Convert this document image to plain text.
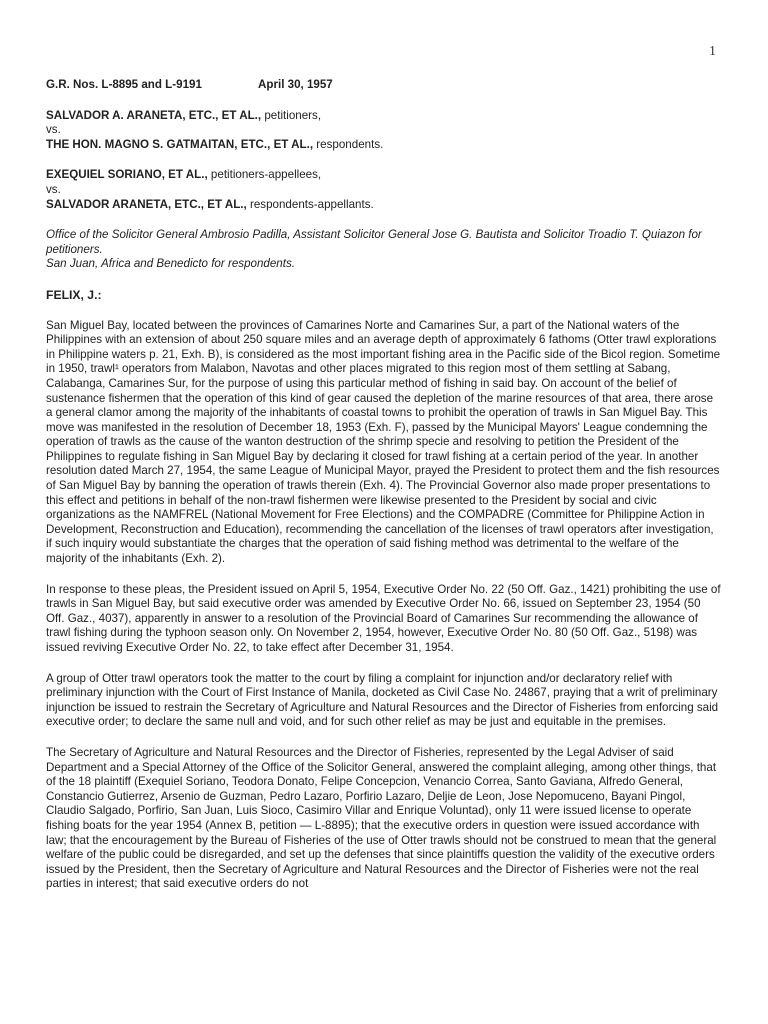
1
G.R. Nos. L-8895 and L-9191	April 30, 1957
SALVADOR A. ARANETA, ETC., ET AL., petitioners,
vs.
THE HON. MAGNO S. GATMAITAN, ETC., ET AL., respondents.
EXEQUIEL SORIANO, ET AL., petitioners-appellees,
vs.
SALVADOR ARANETA, ETC., ET AL., respondents-appellants.
Office of the Solicitor General Ambrosio Padilla, Assistant Solicitor General Jose G. Bautista and Solicitor Troadio T. Quiazon for petitioners.
San Juan, Africa and Benedicto for respondents.
FELIX, J.:

San Miguel Bay, located between the provinces of Camarines Norte and Camarines Sur, a part of the National waters of the Philippines with an extension of about 250 square miles and an average depth of approximately 6 fathoms (Otter trawl explorations in Philippine waters p. 21, Exh. B), is considered as the most important fishing area in the Pacific side of the Bicol region. Sometime in 1950, trawl¹ operators from Malabon, Navotas and other places migrated to this region most of them settling at Sabang, Calabanga, Camarines Sur, for the purpose of using this particular method of fishing in said bay. On account of the belief of sustenance fishermen that the operation of this kind of gear caused the depletion of the marine resources of that area, there arose a general clamor among the majority of the inhabitants of coastal towns to prohibit the operation of trawls in San Miguel Bay. This move was manifested in the resolution of December 18, 1953 (Exh. F), passed by the Municipal Mayors' League condemning the operation of trawls as the cause of the wanton destruction of the shrimp specie and resolving to petition the President of the Philippines to regulate fishing in San Miguel Bay by declaring it closed for trawl fishing at a certain period of the year. In another resolution dated March 27, 1954, the same League of Municipal Mayor, prayed the President to protect them and the fish resources of San Miguel Bay by banning the operation of trawls therein (Exh. 4). The Provincial Governor also made proper presentations to this effect and petitions in behalf of the non-trawl fishermen were likewise presented to the President by social and civic organizations as the NAMFREL (National Movement for Free Elections) and the COMPADRE (Committee for Philippine Action in Development, Reconstruction and Education), recommending the cancellation of the licenses of trawl operators after investigation, if such inquiry would substantiate the charges that the operation of said fishing method was detrimental to the welfare of the majority of the inhabitants (Exh. 2).

In response to these pleas, the President issued on April 5, 1954, Executive Order No. 22 (50 Off. Gaz., 1421) prohibiting the use of trawls in San Miguel Bay, but said executive order was amended by Executive Order No. 66, issued on September 23, 1954 (50 Off. Gaz., 4037), apparently in answer to a resolution of the Provincial Board of Camarines Sur recommending the allowance of trawl fishing during the typhoon season only. On November 2, 1954, however, Executive Order No. 80 (50 Off. Gaz., 5198) was issued reviving Executive Order No. 22, to take effect after December 31, 1954.

A group of Otter trawl operators took the matter to the court by filing a complaint for injunction and/or declaratory relief with preliminary injunction with the Court of First Instance of Manila, docketed as Civil Case No. 24867, praying that a writ of preliminary injunction be issued to restrain the Secretary of Agriculture and Natural Resources and the Director of Fisheries from enforcing said executive order; to declare the same null and void, and for such other relief as may be just and equitable in the premises.

The Secretary of Agriculture and Natural Resources and the Director of Fisheries, represented by the Legal Adviser of said Department and a Special Attorney of the Office of the Solicitor General, answered the complaint alleging, among other things, that of the 18 plaintiff (Exequiel Soriano, Teodora Donato, Felipe Concepcion, Venancio Correa, Santo Gaviana, Alfredo General, Constancio Gutierrez, Arsenio de Guzman, Pedro Lazaro, Porfirio Lazaro, Deljie de Leon, Jose Nepomuceno, Bayani Pingol, Claudio Salgado, Porfirio, San Juan, Luis Sioco, Casimiro Villar and Enrique Voluntad), only 11 were issued license to operate fishing boats for the year 1954 (Annex B, petition — L-8895); that the executive orders in question were issued accordance with law; that the encouragement by the Bureau of Fisheries of the use of Otter trawls should not be construed to mean that the general welfare of the public could be disregarded, and set up the defenses that since plaintiffs question the validity of the executive orders issued by the President, then the Secretary of Agriculture and Natural Resources and the Director of Fisheries were not the real parties in interest; that said executive orders do not
